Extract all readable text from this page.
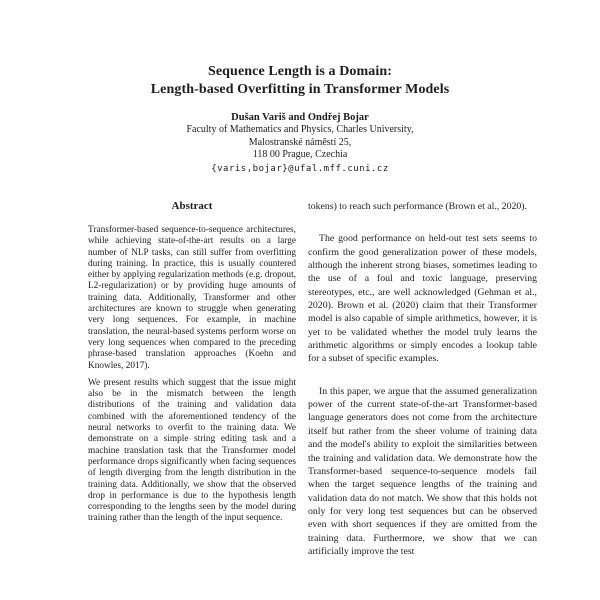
Sequence Length is a Domain:
Length-based Overfitting in Transformer Models
Dušan Variš and Ondřej Bojar
Faculty of Mathematics and Physics, Charles University,
Malostranské náměstí 25,
118 00 Prague, Czechia
{varis,bojar}@ufal.mff.cuni.cz
Abstract

Transformer-based sequence-to-sequence architectures, while achieving state-of-the-art results on a large number of NLP tasks, can still suffer from overfitting during training. In practice, this is usually countered either by applying regularization methods (e.g. dropout, L2-regularization) or by providing huge amounts of training data. Additionally, Transformer and other architectures are known to struggle when generating very long sequences. For example, in machine translation, the neural-based systems perform worse on very long sequences when compared to the preceding phrase-based translation approaches (Koehn and Knowles, 2017).

We present results which suggest that the issue might also be in the mismatch between the length distributions of the training and validation data combined with the aforementioned tendency of the neural networks to overfit to the training data. We demonstrate on a simple string editing task and a machine translation task that the Transformer model performance drops significantly when facing sequences of length diverging from the length distribution in the training data. Additionally, we show that the observed drop in performance is due to the hypothesis length corresponding to the lengths seen by the model during training rather than the length of the input sequence.

tokens) to reach such performance (Brown et al., 2020).

The good performance on held-out test sets seems to confirm the good generalization power of these models, although the inherent strong biases, sometimes leading to the use of a foul and toxic language, preserving stereotypes, etc., are well acknowledged (Gehman et al., 2020). Brown et al. (2020) claim that their Transformer model is also capable of simple arithmetics, however, it is yet to be validated whether the model truly learns the arithmetic algorithms or simply encodes a lookup table for a subset of specific examples.

In this paper, we argue that the assumed generalization power of the current state-of-the-art Transformer-based language generators does not come from the architecture itself but rather from the sheer volume of training data and the model's ability to exploit the similarities between the training and validation data. We demonstrate how the Transformer-based sequence-to-sequence models fail when the target sequence lengths of the training and validation data do not match. We show that this holds not only for very long test sequences but can be observed even with short sequences if they are omitted from the training data. Furthermore, we show that we can artificially improve the test
